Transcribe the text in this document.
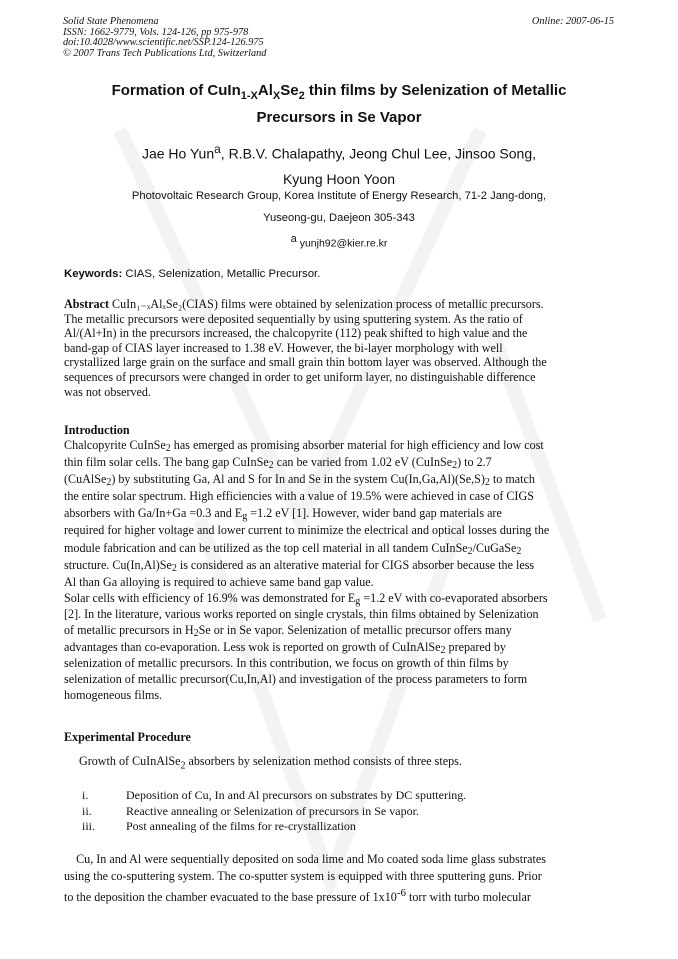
Solid State Phenomena
ISSN: 1662-9779, Vols. 124-126, pp 975-978
doi:10.4028/www.scientific.net/SSP.124-126.975
© 2007 Trans Tech Publications Ltd, Switzerland
Online: 2007-06-15
Formation of $CuIn_{1-X}Al_XSe_2$ thin films by Selenization of Metallic
Precursors in Se Vapor
Jae Ho Yun$^a$, R.B.V. Chalapathy, Jeong Chul Lee, Jinsoo Song,
Kyung Hoon Yoon
Photovoltaic Research Group, Korea Institute of Energy Research, 71-2 Jang-dong,
Yuseong-gu, Daejeon 305-343
$^a$ yunjh92@kier.re.kr
Keywords: CIAS, Selenization, Metallic Precursor.
Abstract CuIn₁₋ₓAlₓSe₂(CIAS) films were obtained by selenization process of metallic precursors.
The metallic precursors were deposited sequentially by using sputtering system. As the ratio of
Al/(Al+In) in the precursors increased, the chalcopyrite (112) peak shifted to high value and the
band-gap of CIAS layer increased to 1.38 eV. However, the bi-layer morphology with well
crystallized large grain on the surface and small grain thin bottom layer was observed. Although the
sequences of precursors were changed in order to get uniform layer, no distinguishable difference
was not observed.
Introduction
Chalcopyrite CuInSe$_2$ has emerged as promising absorber material for high efficiency and low cost
thin film solar cells. The bang gap CuInSe$_2$ can be varied from 1.02 eV (CuInSe$_2$) to 2.7
(CuAlSe$_2$) by substituting Ga, Al and S for In and Se in the system $Cu(In,Ga,Al)(Se,S)_2$ to match
the entire solar spectrum. High efficiencies with a value of 19.5% were achieved in case of CIGS
absorbers with Ga/In+Ga =0.3 and $E_g =1.2$ eV [1]. However, wider band gap materials are
required for higher voltage and lower current to minimize the electrical and optical losses during the
module fabrication and can be utilized as the top cell material in all tandem CuInSe$_2$/CuGaSe$_2$
structure. $Cu(In,Al)Se_2$ is considered as an alterative material for CIGS absorber because the less
Al than Ga alloying is required to achieve same band gap value.
Solar cells with efficiency of 16.9% was demonstrated for $E_g =1.2$ eV with co-evaporated absorbers
[2]. In the literature, various works reported on single crystals, thin films obtained by Selenization
of metallic precursors in $H_2Se$ or in Se vapor. Selenization of metallic precursor offers many
advantages than co-evaporation. Less wok is reported on growth of CuInAlSe$_2$ prepared by
selenization of metallic precursors. In this contribution, we focus on growth of thin films by
selenization of metallic precursor(Cu,In,Al) and investigation of the process parameters to form
homogeneous films.
Experimental Procedure
Growth of CuInAlSe$_2$ absorbers by selenization method consists of three steps.
i.	Deposition of Cu, In and Al precursors on substrates by DC sputtering.
ii.	Reactive annealing or Selenization of precursors in Se vapor.
iii.	Post annealing of the films for re-crystallization
Cu, In and Al were sequentially deposited on soda lime and Mo coated soda lime glass substrates
using the co-sputtering system. The co-sputter system is equipped with three sputtering guns. Prior
to the deposition the chamber evacuated to the base pressure of $1x10^{-6}$ torr with turbo molecular
